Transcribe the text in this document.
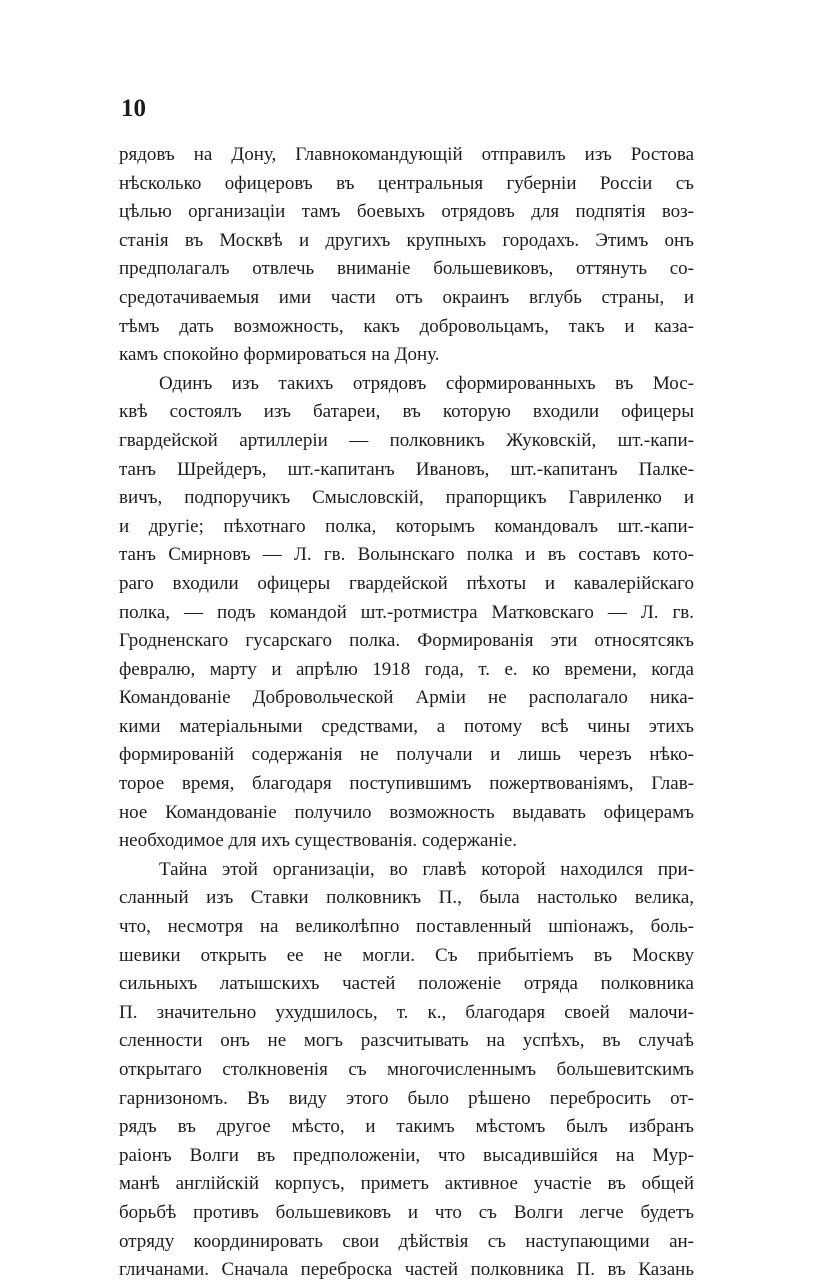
10
рядовъ на Дону, Главнокомандующій отправилъ изъ Ростова
нѣсколько офицеровъ въ центральныя губерніи Россіи съ
цѣлью организаціи тамъ боевыхъ отрядовъ для подпятія воз-
станія въ Москвѣ и другихъ крупныхъ городахъ. Этимъ онъ
предполагалъ отвлечь вниманіе большевиковъ, оттянуть со-
средотачиваемыя ими части отъ окраинъ вглубь страны, и
тѣмъ дать возможность, какъ добровольцамъ, такъ и каза-
камъ спокойно формироваться на Дону.
Одинъ изъ такихъ отрядовъ сформированныхъ въ Мос-
квѣ состоялъ изъ батареи, въ которую входили офицеры
гвардейской артиллеріи — полковникъ Жуковскій, шт.-капи-
танъ Шрейдеръ, шт.-капитанъ Ивановъ, шт.-капитанъ Палке-
вичъ, подпоручикъ Смысловскій, прапорщикъ Гавриленко и
и другіе; пѣхотнаго полка, которымъ командовалъ шт.-капи-
танъ Смирновъ — Л. гв. Волынскаго полка и въ составъ кото-
раго входили офицеры гвардейской пѣхоты и кавалерійскаго
полка, — подъ командой шт.-ротмистра Матковскаго — Л. гв.
Гродненскаго гусарскаго полка. Формированія эти относятсякъ
февралю, марту и апрѣлю 1918 года, т. е. ко времени, когда
Командованіе Добровольческой Арміи не располагало ника-
кими матеріальными средствами, а потому всѣ чины этихъ
формированій содержанія не получали и лишь черезъ нѣко-
торое время, благодаря поступившимъ пожертвованіямъ, Глав-
ное Командованіе получило возможность выдавать офицерамъ
необходимое для ихъ существованія. содержаніе.
Тайна этой организаціи, во главѣ которой находился при-
сланный изъ Ставки полковникъ П., была настолько велика,
что, несмотря на великолѣпно поставленный шпіонажъ, боль-
шевики открыть ее не могли. Съ прибытіемъ въ Москву
сильныхъ латышскихъ частей положеніе отряда полковника
П. значительно ухудшилось, т. к., благодаря своей малочи-
сленности онъ не могъ разсчитывать на успѣхъ, въ случаѣ
открытаго столкновенія съ многочисленнымъ большевитскимъ
гарнизономъ. Въ виду этого было рѣшено перебросить от-
рядъ въ другое мѣсто, и такимъ мѣстомъ былъ избранъ
раіонъ Волги въ предположеніи, что высадившійся на Мур-
манѣ англійскій корпусъ, приметъ активное участіе въ общей
борьбѣ противъ большевиковъ и что съ Волги легче будетъ
отряду координировать свои дѣйствія съ наступающими ан-
гличанами. Сначала переброска частей полковника П. въ Казань
